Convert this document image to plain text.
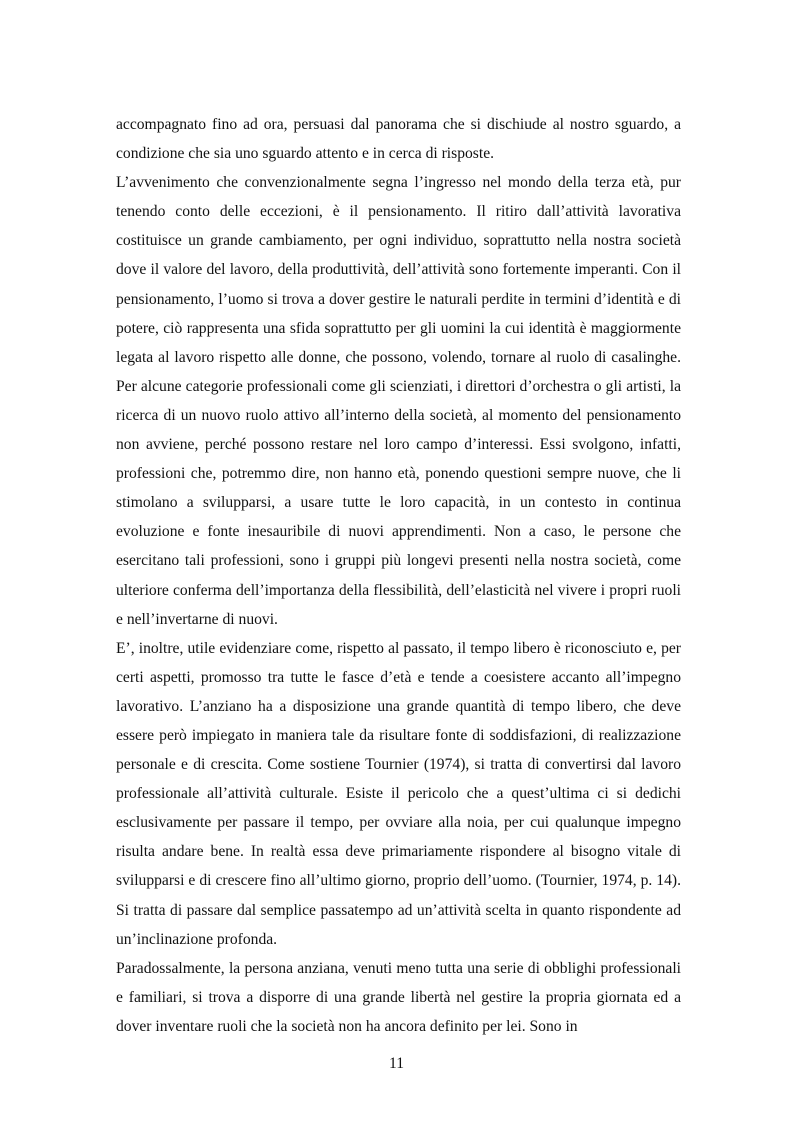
accompagnato fino ad ora, persuasi dal panorama che si dischiude al nostro sguardo, a condizione che sia uno sguardo attento e in cerca di risposte.

L’avvenimento che convenzionalmente segna l’ingresso nel mondo della terza età, pur tenendo conto delle eccezioni, è il pensionamento. Il ritiro dall’attività lavorativa costituisce un grande cambiamento, per ogni individuo, soprattutto nella nostra società dove il valore del lavoro, della produttività, dell’attività sono fortemente imperanti. Con il pensionamento, l’uomo si trova a dover gestire le naturali perdite in termini d’identità e di potere, ciò rappresenta una sfida soprattutto per gli uomini la cui identità è maggiormente legata al lavoro rispetto alle donne, che possono, volendo, tornare al ruolo di casalinghe. Per alcune categorie professionali come gli scienziati, i direttori d’orchestra o gli artisti, la ricerca di un nuovo ruolo attivo all’interno della società, al momento del pensionamento non avviene, perché possono restare nel loro campo d’interessi. Essi svolgono, infatti, professioni che, potremmo dire, non hanno età, ponendo questioni sempre nuove, che li stimolano a svilupparsi, a usare tutte le loro capacità, in un contesto in continua evoluzione e fonte inesauribile di nuovi apprendimenti. Non a caso, le persone che esercitano tali professioni, sono i gruppi più longevi presenti nella nostra società, come ulteriore conferma dell’importanza della flessibilità, dell’elasticità nel vivere i propri ruoli e nell’invertarne di nuovi.

E’, inoltre, utile evidenziare come, rispetto al passato, il tempo libero è riconosciuto e, per certi aspetti, promosso tra tutte le fasce d’età e tende a coesistere accanto all’impegno lavorativo. L’anziano ha a disposizione una grande quantità di tempo libero, che deve essere però impiegato in maniera tale da risultare fonte di soddisfazioni, di realizzazione personale e di crescita. Come sostiene Tournier (1974), si tratta di convertirsi dal lavoro professionale all’attività culturale. Esiste il pericolo che a quest’ultima ci si dedichi esclusivamente per passare il tempo, per ovviare alla noia, per cui qualunque impegno risulta andare bene. In realtà essa deve primariamente rispondere al bisogno vitale di svilupparsi e di crescere fino all’ultimo giorno, proprio dell’uomo. (Tournier, 1974, p. 14). Si tratta di passare dal semplice passatempo ad un’attività scelta in quanto rispondente ad un’inclinazione profonda.

Paradossalmente, la persona anziana, venuti meno tutta una serie di obblighi professionali e familiari, si trova a disporre di una grande libertà nel gestire la propria giornata ed a dover inventare ruoli che la società non ha ancora definito per lei. Sono in

11
